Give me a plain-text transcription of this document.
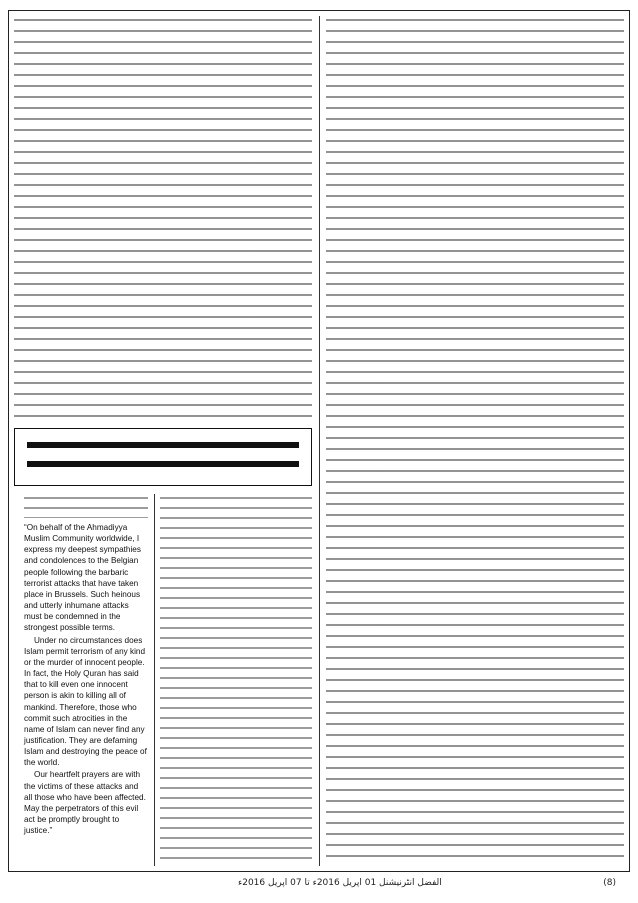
“On behalf of the Ahmadiyya Muslim Community worldwide, I express my deepest sympathies and condolences to the Belgian people following the barbaric terrorist attacks that have taken place in Brussels. Such heinous and utterly inhumane attacks must be condemned in the strongest possible terms.

Under no circumstances does Islam permit terrorism of any kind or the murder of innocent people. In fact, the Holy Quran has said that to kill even one innocent person is akin to killing all of mankind. Therefore, those who commit such atrocities in the name of Islam can never find any justification. They are defaming Islam and destroying the peace of the world.

Our heartfelt prayers are with the victims of these attacks and all those who have been affected. May the perpetrators of this evil act be promptly brought to justice.”

الفضل انٹرنیشنل 01 اپریل 2016ء تا 07 اپریل 2016ء	(8)
